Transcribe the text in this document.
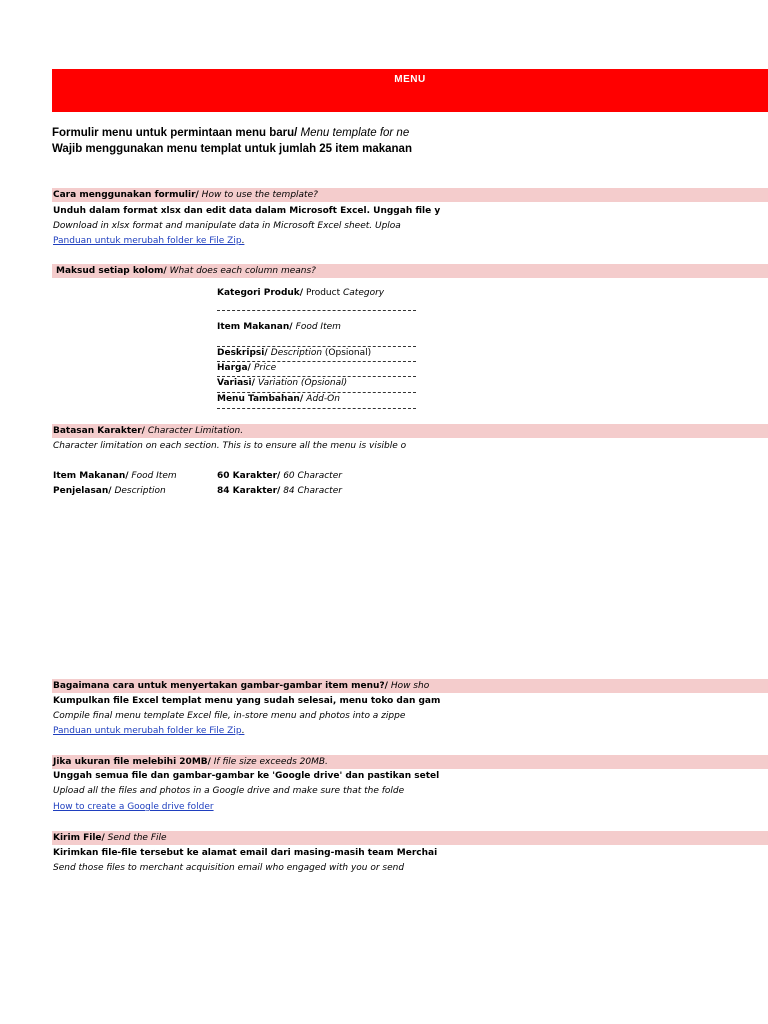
MENU
Formulir menu untuk permintaan menu baru/ Menu template for ne
Wajib menggunakan menu templat untuk jumlah 25 item makanan
Cara menggunakan formulir/ How to use the template?
Unduh dalam format xlsx dan edit data dalam Microsoft Excel. Unggah file y
Download in xlsx format and manipulate data in Microsoft Excel sheet. Uploa
Panduan untuk merubah folder ke File Zip.
Maksud setiap kolom/ What does each column means?
Kategori Produk/ Product Category
Item Makanan/ Food Item
Deskripsi/ Description (Opsional)
Harga/ Price
Variasi/ Variation (Opsional)
Menu Tambahan/ Add-On
Batasan Karakter/ Character Limitation.
Character limitation on each section. This is to ensure all the menu is visible o
Item Makanan/ Food Item	60 Karakter/ 60 Character
Penjelasan/ Description	84 Karakter/ 84 Character
Bagaimana cara untuk menyertakan gambar-gambar item menu?/ How sho
Kumpulkan file Excel templat menu yang sudah selesai, menu toko dan gam
Compile final menu template Excel file, in-store menu and photos into a zippe
Panduan untuk merubah folder ke File Zip.
Jika ukuran file melebihi 20MB/ If file size exceeds 20MB.
Unggah semua file dan gambar-gambar ke 'Google drive' dan pastikan setel
Upload all the files and photos in a Google drive and make sure that the folde
How to create a Google drive folder
Kirim File/ Send the File
Kirimkan file-file tersebut ke alamat email dari masing-masih team Merchai
Send those files to merchant acquisition email who engaged with you or send
